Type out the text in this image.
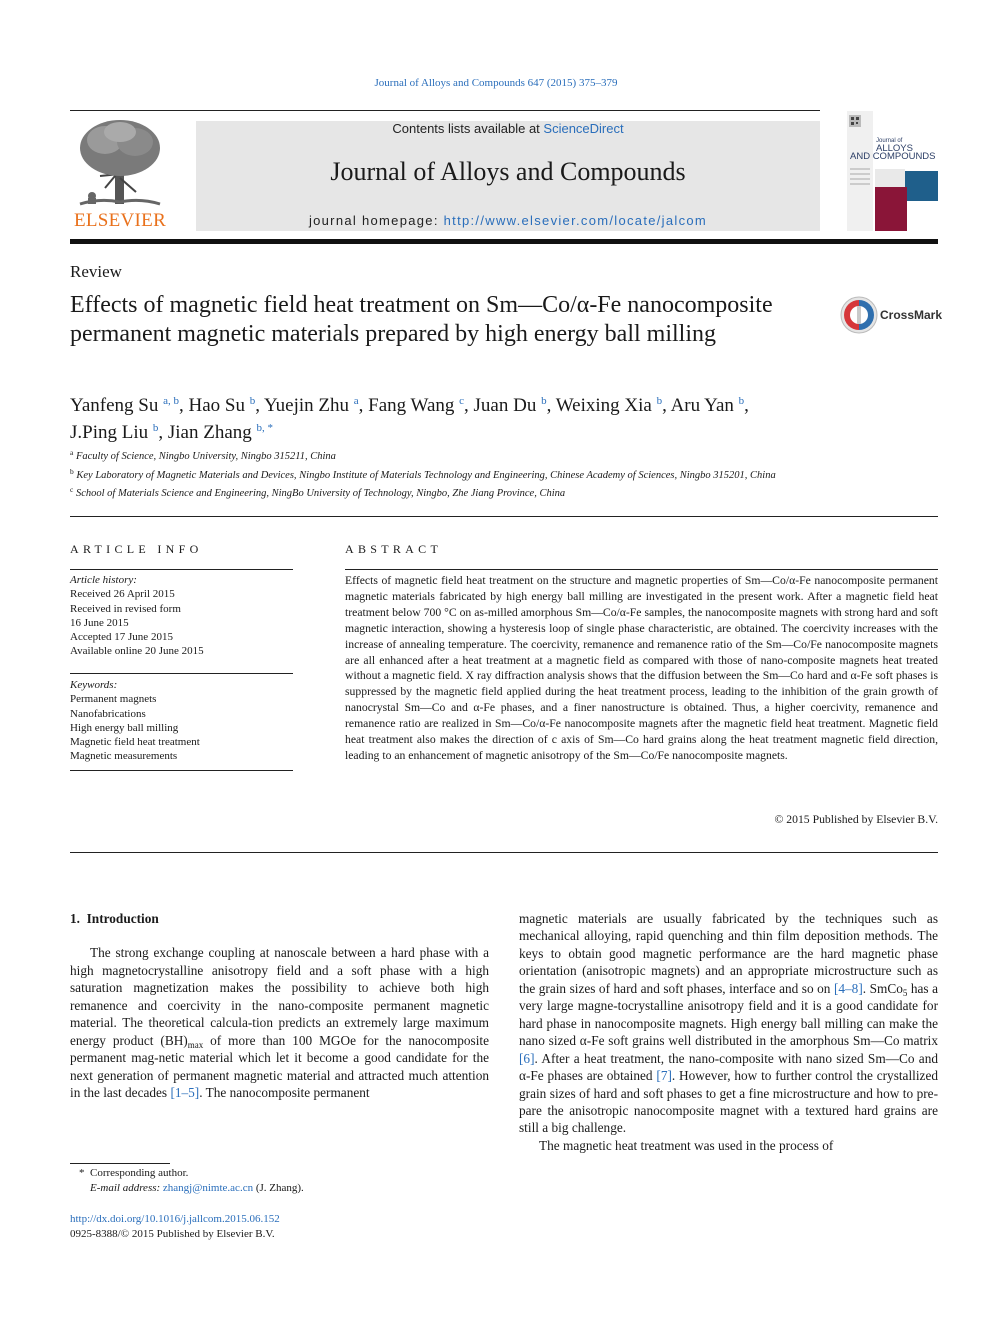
Journal of Alloys and Compounds 647 (2015) 375–379
ELSEVIER
Contents lists available at ScienceDirect
Journal of Alloys and Compounds
journal homepage: http://www.elsevier.com/locate/jalcom
Journal of
ALLOYS
AND COMPOUNDS
Review
Effects of magnetic field heat treatment on Sm—Co/α-Fe nanocomposite permanent magnetic materials prepared by high energy ball milling
CrossMark
Yanfeng Su $^{a, b}$, Hao Su $^b$, Yuejin Zhu $^a$, Fang Wang $^c$, Juan Du $^b$, Weixing Xia $^b$, Aru Yan $^b$,
J.Ping Liu $^b$, Jian Zhang $^{b, *}$
$^a$ Faculty of Science, Ningbo University, Ningbo 315211, China
$^b$ Key Laboratory of Magnetic Materials and Devices, Ningbo Institute of Materials Technology and Engineering, Chinese Academy of Sciences, Ningbo 315201, China
$^c$ School of Materials Science and Engineering, NingBo University of Technology, Ningbo, Zhe Jiang Province, China
ARTICLE INFO
Article history:
Received 26 April 2015
Received in revised form
16 June 2015
Accepted 17 June 2015
Available online 20 June 2015
Keywords:
Permanent magnets
Nanofabrications
High energy ball milling
Magnetic field heat treatment
Magnetic measurements
ABSTRACT
Effects of magnetic field heat treatment on the structure and magnetic properties of Sm—Co/α-Fe nanocomposite permanent magnetic materials fabricated by high energy ball milling are investigated in the present work. After a magnetic field heat treatment below 700 °C on as-milled amorphous Sm—Co/α-Fe samples, the nanocomposite magnets with strong hard and soft magnetic interaction, showing a hysteresis loop of single phase characteristic, are obtained. The coercivity increases with the increase of annealing temperature. The coercivity, remanence and remanence ratio of the Sm—Co/Fe nanocomposite magnets are all enhanced after a heat treatment at a magnetic field as compared with those of nano-composite magnets heat treated without a magnetic field. X ray diffraction analysis shows that the diffusion between the Sm—Co hard and α-Fe soft phases is suppressed by the magnetic field applied during the heat treatment process, leading to the inhibition of the grain growth of nanocrystal Sm—Co and α-Fe phases, and a finer nanostructure is obtained. Thus, a higher coercivity, remanence and remanence ratio are realized in Sm—Co/α-Fe nanocomposite magnets after the magnetic field heat treatment. Magnetic field heat treatment also makes the direction of c axis of Sm—Co hard grains along the heat treatment magnetic field direction, leading to an enhancement of magnetic anisotropy of the Sm—Co/Fe nanocomposite magnets.
© 2015 Published by Elsevier B.V.

1. Introduction

The strong exchange coupling at nanoscale between a hard phase with a high magnetocrystalline anisotropy field and a soft phase with a high saturation magnetization makes the possibility to achieve both high remanence and coercivity in the nano-composite permanent magnetic material. The theoretical calcula-tion predicts an extremely large maximum energy product $(BH)_{max}$ of more than 100 MGOe for the nanocomposite permanent mag-netic material which let it become a good candidate for the next generation of permanent magnetic material and attracted much attention in the last decades [1–5]. The nanocomposite permanent

magnetic materials are usually fabricated by the techniques such as mechanical alloying, rapid quenching and thin film deposition methods. The keys to obtain good magnetic performance are the hard magnetic phase orientation (anisotropic magnets) and an appropriate microstructure such as the grain sizes of hard and soft phases, interface and so on [4–8]. SmCo$_5$ has a very large magne-tocrystalline anisotropy field and it is a good candidate for hard phase in nanocomposite magnets. High energy ball milling can make the nano sized α-Fe soft grains well distributed in the amorphous Sm—Co matrix [6]. After a heat treatment, the nano-composite with nano sized Sm—Co and α-Fe phases are obtained [7]. However, how to further control the crystallized grain sizes of hard and soft phases to get a fine microstructure and how to pre-pare the anisotropic nanocomposite magnet with a textured hard grains are still a big challenge.

The magnetic heat treatment was used in the process of

* Corresponding author.
E-mail address: zhangj@nimte.ac.cn (J. Zhang).
http://dx.doi.org/10.1016/j.jallcom.2015.06.152
0925-8388/© 2015 Published by Elsevier B.V.
